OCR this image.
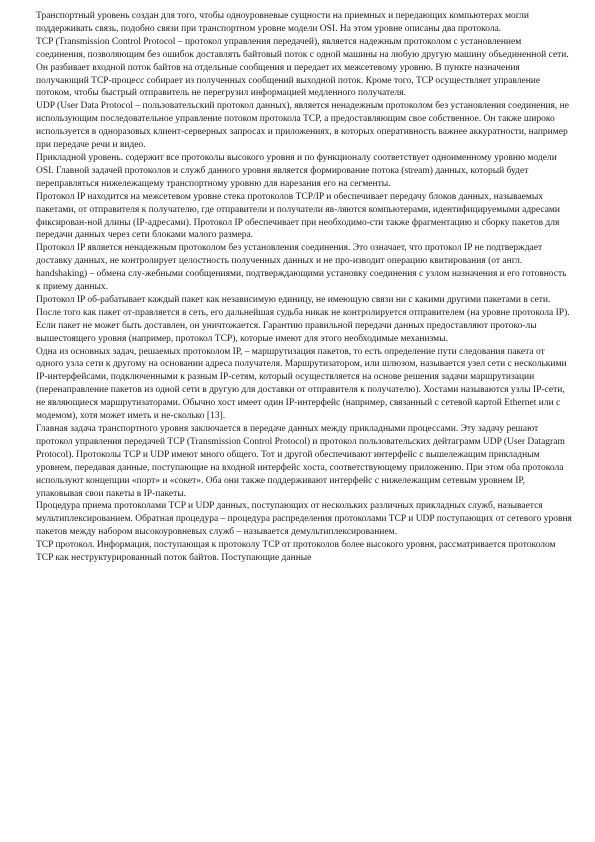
Транспортный уровень создан для того, чтобы одноуровневые сущности на приемных и передающих компьютерах могли поддерживать связь, подобно связи при транспортном уровне модели OSI. На этом уровне описаны два протокола.

TCP (Transmission Control Protocol – протокол управления передачей), является надежным протоколом с установлением соединения, позволяющим без ошибок доставлять байтовый поток с одной машины на любую другую машину объединенной сети. Он разбивает входной поток байтов на отдельные сообщения и передает их межсетевому уровню. В пункте назначения получающий TCP-процесс собирает из полученных сообщений выходной поток. Кроме того, TCP осуществляет управление потоком, чтобы быстрый отправитель не перегрузил информацией медленного получателя.

UDP (User Data Protocol – пользовательский протокол данных), является ненадежным протоколом без установления соединения, не использующим последовательное управление потоком протокола TCP, а предоставляющим свое собственное. Он также широко используется в одноразовых клиент-серверных запросах и приложениях, в которых оперативность важнее аккуратности, например при передаче речи и видео.

Прикладной уровень. содержит все протоколы высокого уровня и по функционалу соответствует одноименному уровню модели OSI. Главной задачей протоколов и служб данного уровня является формирование потока (stream) данных, который будет переправляться нижележащему транспортному уровню для нарезания его на сегменты.

Протокол IP находится на межсетевом уровне стека протоколов TCP/IP и обеспечивает передачу блоков данных, называемых пакетами, от отправителя к получателю, где отправители и получатели яв-ляются компьютерами, идентифицируемыми адресами фиксирован-ной длины (IP-адресами). Протокол IP обеспечивает при необходимо-сти также фрагментацию и сборку пакетов для передачи данных через сети блоками малого размера.

Протокол IP является ненадежным протоколом без установления соединения. Это означает, что протокол IP не подтверждает доставку данных, не контролирует целостность полученных данных и не про-изводит операцию квитирования (от англ. handshaking) – обмена слу-жебными сообщениями, подтверждающими установку соединения с узлом назначения и его готовность к приему данных.

Протокол IP об-рабатывает каждый пакет как независимую единицу, не имеющую связи ни с какими другими пакетами в сети. После того как пакет от-правляется в сеть, его дальнейшая судьба никак не контролируется отправителем (на уровне протокола IP). Если пакет не может быть доставлен, он уничтожается. Гарантию правильной передачи данных предоставляют протоко-лы вышестоящего уровня (например, протокол TCP), которые имеют для этого необходимые механизмы.

Одна из основных задач, решаемых протоколом IP, – маршрутизация пакетов, то есть определение пути следования пакета от одного узла сети к другому на основании адреса получателя. Маршрутизатором, или шлюзом, называется узел сети с несколькими IP-интерфейсами, подключенными к разным IP-сетям, который осуществляется на основе решения задачи маршрутизации (перенаправление пакетов из одной сети в другую для доставки от отправителя к получателю). Хостами называются узлы IP-сети, не являющиеся маршрутизаторами. Обычно хост имеет один IP-интерфейс (например, связанный с сетевой картой Ethernet или с модемом), хотя может иметь и не-сколько [13].

Главная задача транспортного уровня заключается в передаче данных между прикладными процессами. Эту задачу решают протокол управления передачей TCP (Transmission Control Protocol) и протокол пользовательских дейтаграмм UDP (User Datagram Protocol). Протоколы TCP и UDP имеют много общего. Тот и другой обеспечивают интерфейс с вышележащим прикладным уровнем, передавая данные, поступающие на входной интерфейс хоста, соответствующему приложению. При этом оба протокола используют концепции «порт» и «сокет». Оба они также поддерживают интерфейс с нижележащим сетевым уровнем IP, упаковывая свои пакеты в IP-пакеты.

Процедура приема протоколами TCP и UDP данных, поступающих от нескольких различных прикладных служб, называется мультиплексированием. Обратная процедура – процедура распределения протоколами TCP и UDP поступающих от сетевого уровня пакетов между набором высокоуровневых служб – называется демультиплексированием.

TCP протокол. Информация, поступающая к протоколу TCP от протоколов более высокого уровня, рассматривается протоколом TCP как неструктурированный поток байтов. Поступающие данные
